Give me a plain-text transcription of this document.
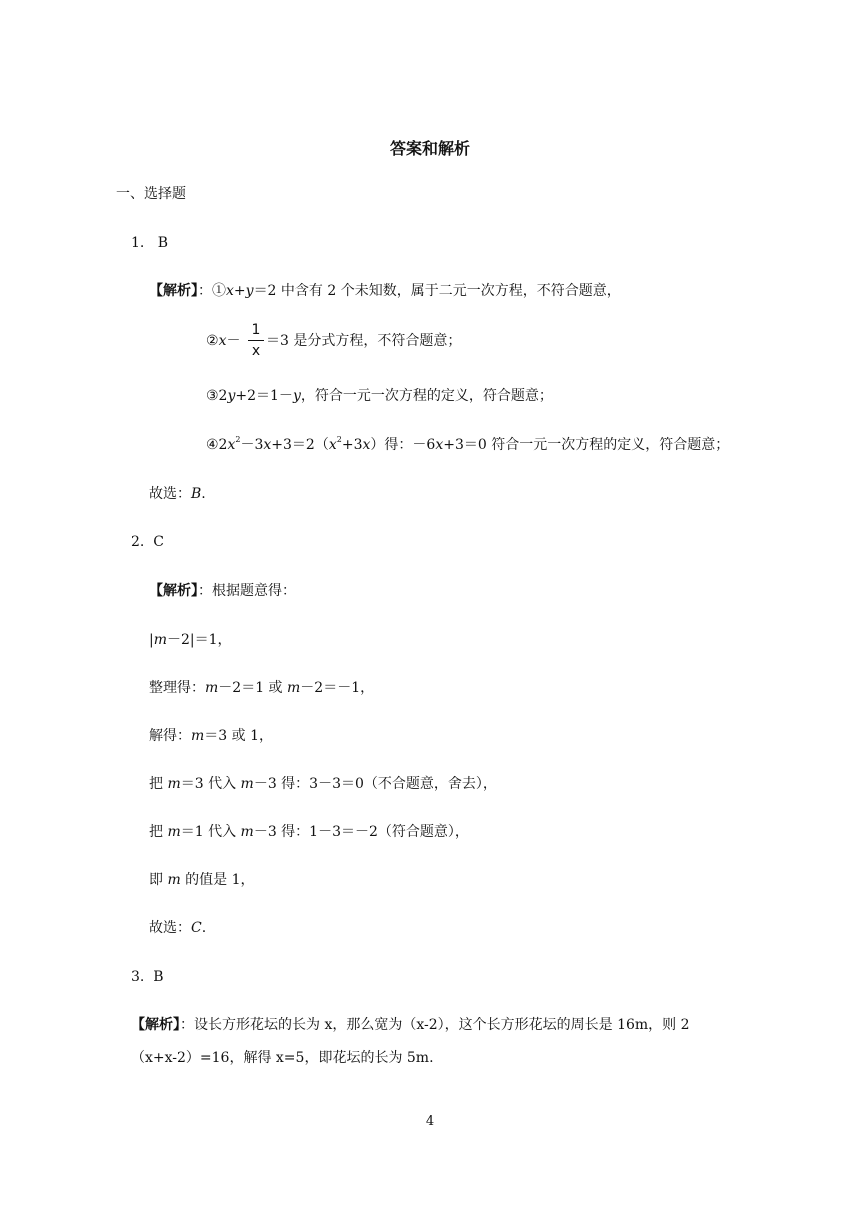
答案和解析
一、选择题
1. B
【解析】：①x+y＝2 中含有 2 个未知数，属于二元一次方程，不符合题意，
②x－
1
x
＝3 是分式方程，不符合题意；
③2y+2＝1－y，符合一元一次方程的定义，符合题意；
$④2x^2-3x+3=2(x^2+3x)$得：－6x+3＝0 符合一元一次方程的定义，符合题意；
故选：B.
2. C
【解析】：根据题意得：
|m－2|＝1，
整理得：m－2＝1 或 m－2＝－1，
解得：m＝3 或 1，
把 m＝3 代入 m－3 得：3－3＝0（不合题意，舍去），
把 m＝1 代入 m－3 得：1－3＝－2（符合题意），
即 m 的值是 1，
故选：C.
3. B
【解析】：设长方形花坛的长为 x，那么宽为（x-2），这个长方形花坛的周长是 16m，则 2
（x+x-2）=16，解得 x=5，即花坛的长为 5m.
4
